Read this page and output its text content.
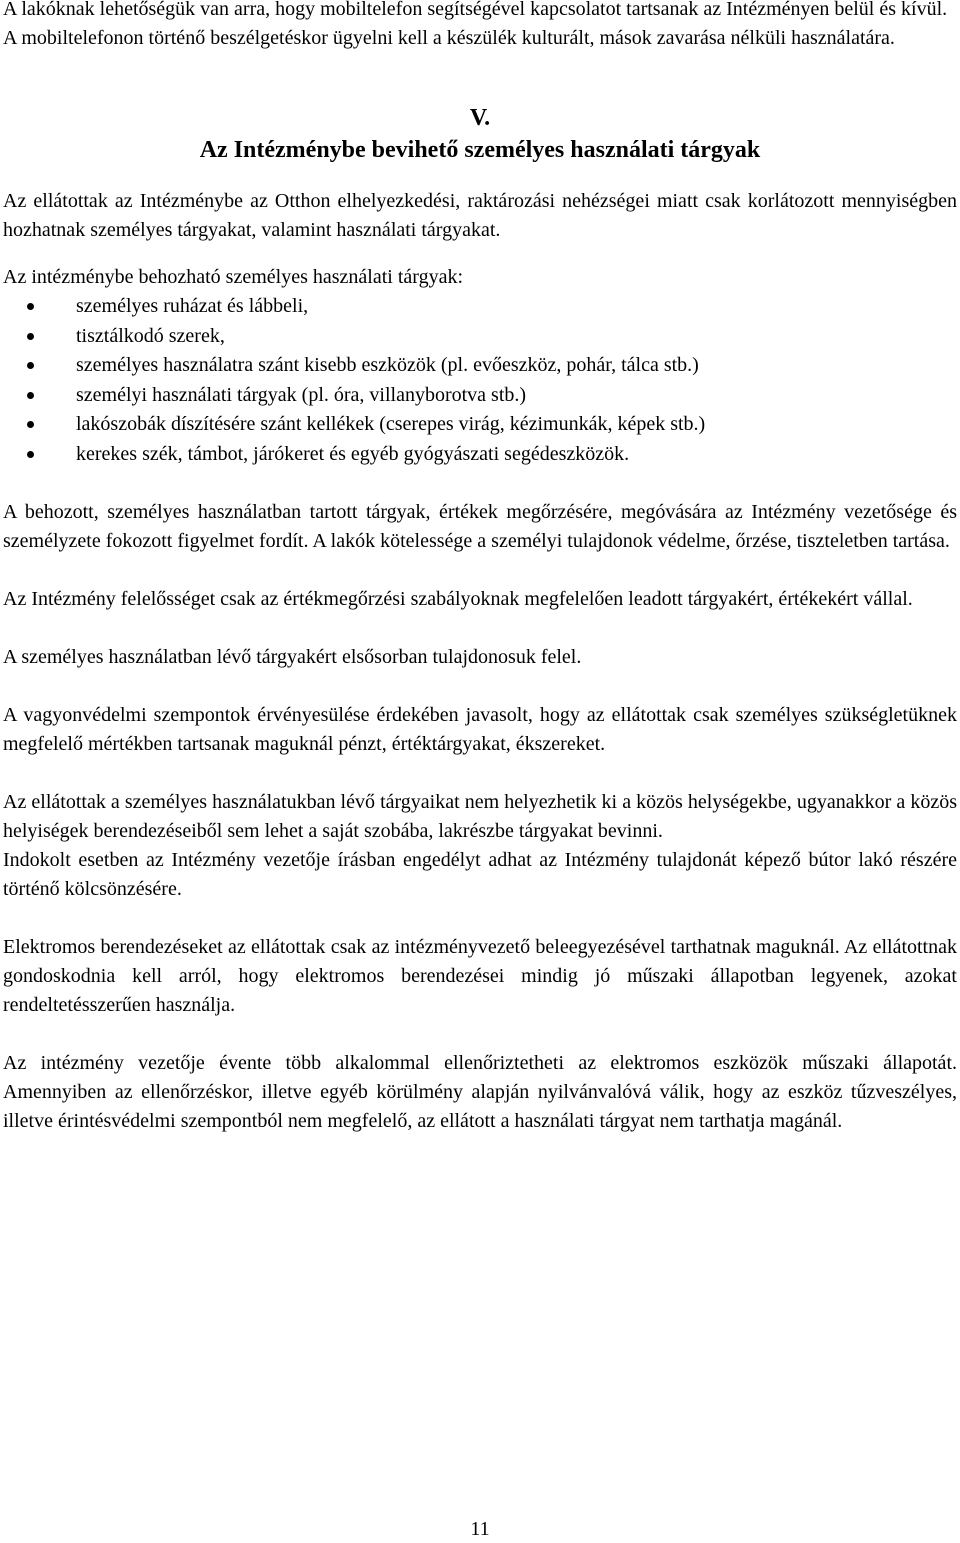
A lakóknak lehetőségük van arra, hogy mobiltelefon segítségével kapcsolatot tartsanak az Intézményen belül és kívül.

A mobiltelefonon történő beszélgetéskor ügyelni kell a készülék kulturált, mások zavarása nélküli használatára.

V.
Az Intézménybe bevihető személyes használati tárgyak

Az ellátottak az Intézménybe az Otthon elhelyezkedési, raktározási nehézségei miatt csak korlátozott mennyiségben hozhatnak személyes tárgyakat, valamint használati tárgyakat.

Az intézménybe behozható személyes használati tárgyak:

személyes ruházat és lábbeli,
tisztálkodó szerek,
személyes használatra szánt kisebb eszközök (pl. evőeszköz, pohár, tálca stb.)
személyi használati tárgyak (pl. óra, villanyborotva stb.)
lakószobák díszítésére szánt kellékek (cserepes virág, kézimunkák, képek stb.)
kerekes szék, támbot, járókeret és egyéb gyógyászati segédeszközök.

A behozott, személyes használatban tartott tárgyak, értékek megőrzésére, megóvására az Intézmény vezetősége és személyzete fokozott figyelmet fordít. A lakók kötelessége a személyi tulajdonok védelme, őrzése, tiszteletben tartása.

Az Intézmény felelősséget csak az értékmegőrzési szabályoknak megfelelően leadott tárgyakért, értékekért vállal.

A személyes használatban lévő tárgyakért elsősorban tulajdonosuk felel.

A vagyonvédelmi szempontok érvényesülése érdekében javasolt, hogy az ellátottak csak személyes szükségletüknek megfelelő mértékben tartsanak maguknál pénzt, értéktárgyakat, ékszereket.

Az ellátottak a személyes használatukban lévő tárgyaikat nem helyezhetik ki a közös helységekbe, ugyanakkor a közös helyiségek berendezéseiből sem lehet a saját szobába, lakrészbe tárgyakat bevinni.

Indokolt esetben az Intézmény vezetője írásban engedélyt adhat az Intézmény tulajdonát képező bútor lakó részére történő kölcsönzésére.

Elektromos berendezéseket az ellátottak csak az intézményvezető beleegyezésével tarthatnak maguknál. Az ellátottnak gondoskodnia kell arról, hogy elektromos berendezései mindig jó műszaki állapotban legyenek, azokat rendeltetésszerűen használja.

Az intézmény vezetője évente több alkalommal ellenőriztetheti az elektromos eszközök műszaki állapotát. Amennyiben az ellenőrzéskor, illetve egyéb körülmény alapján nyilvánvalóvá válik, hogy az eszköz tűzveszélyes, illetve érintésvédelmi szempontból nem megfelelő, az ellátott a használati tárgyat nem tarthatja magánál.

11
